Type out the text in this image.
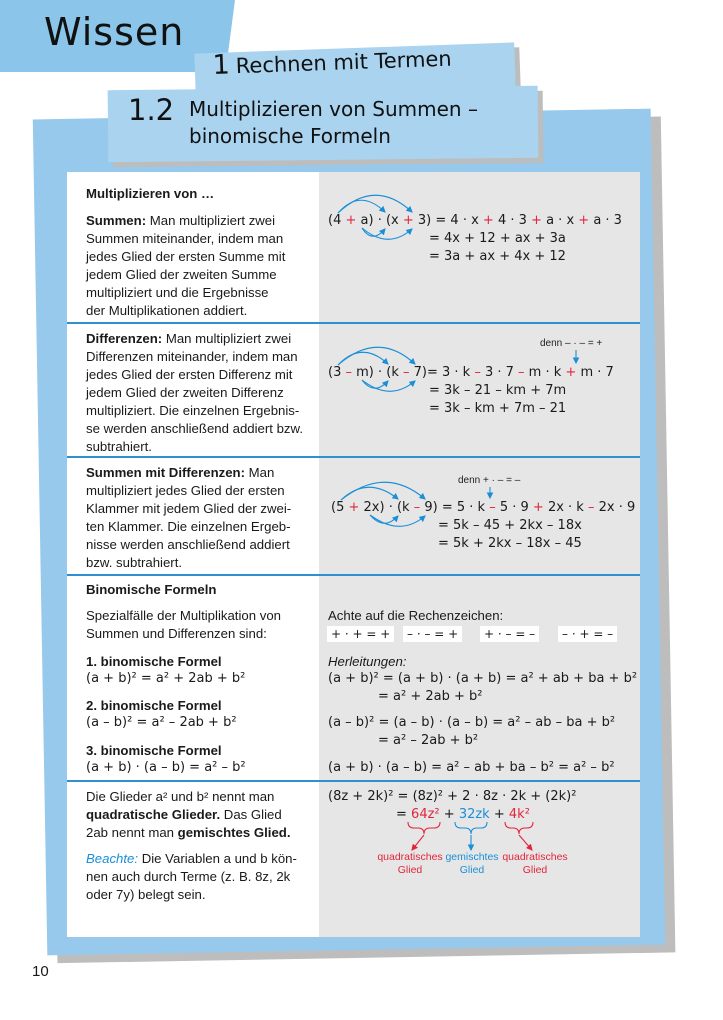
Wissen
1 Rechnen mit Termen
1.2 Multiplizieren von Summen –
binomische Formeln
Multiplizieren von …
Summen: Man multipliziert zwei
Summen miteinander, indem man
jedes Glied der ersten Summe mit
jedem Glied der zweiten Summe
multipliziert und die Ergebnisse
der Multiplikationen addiert.
(4 + a) · (x + 3) = 4 · x + 4 · 3 + a · x + a · 3
= 4x + 12 + ax + 3a
= 3a + ax + 4x + 12
Differenzen: Man multipliziert zwei
Differenzen miteinander, indem man
jedes Glied der ersten Differenz mit
jedem Glied der zweiten Differenz
multipliziert. Die einzelnen Ergebnis-
se werden anschließend addiert bzw.
subtrahiert.
denn – · – = +
(3 – m) · (k – 7)= 3 · k – 3 · 7 – m · k + m · 7
= 3k – 21 – km + 7m
= 3k – km + 7m – 21
Summen mit Differenzen: Man
multipliziert jedes Glied der ersten
Klammer mit jedem Glied der zwei-
ten Klammer. Die einzelnen Ergeb-
nisse werden anschließend addiert
bzw. subtrahiert.
denn + · – = –
(5 + 2x) · (k – 9) = 5 · k – 5 · 9 + 2x · k – 2x · 9
= 5k – 45 + 2kx – 18x
= 5k + 2kx – 18x – 45
Binomische Formeln
Spezialfälle der Multiplikation von
Summen und Differenzen sind:
1. binomische Formel
(a + b)² = a² + 2ab + b²
2. binomische Formel
(a – b)² = a² – 2ab + b²
3. binomische Formel
(a + b) · (a – b) = a² – b²
Achte auf die Rechenzeichen:
+ · + = +	– · – = +	+ · – = –	– · + = –
Herleitungen:
(a + b)² = (a + b) · (a + b) = a² + ab + ba + b²
= a² + 2ab + b²
(a – b)² = (a – b) · (a – b) = a² – ab – ba + b²
= a² – 2ab + b²
(a + b) · (a – b) = a² – ab + ba – b² = a² – b²
Die Glieder a² und b² nennt man
quadratische Glieder. Das Glied
2ab nennt man gemischtes Glied.
Beachte: Die Variablen a und b kön-
nen auch durch Terme (z. B. 8z, 2k
oder 7y) belegt sein.
(8z + 2k)² = (8z)² + 2 · 8z · 2k + (2k)²
= 64z² + 32zk + 4k²
quadratisches Glied
gemischtes Glied
quadratisches Glied
10
